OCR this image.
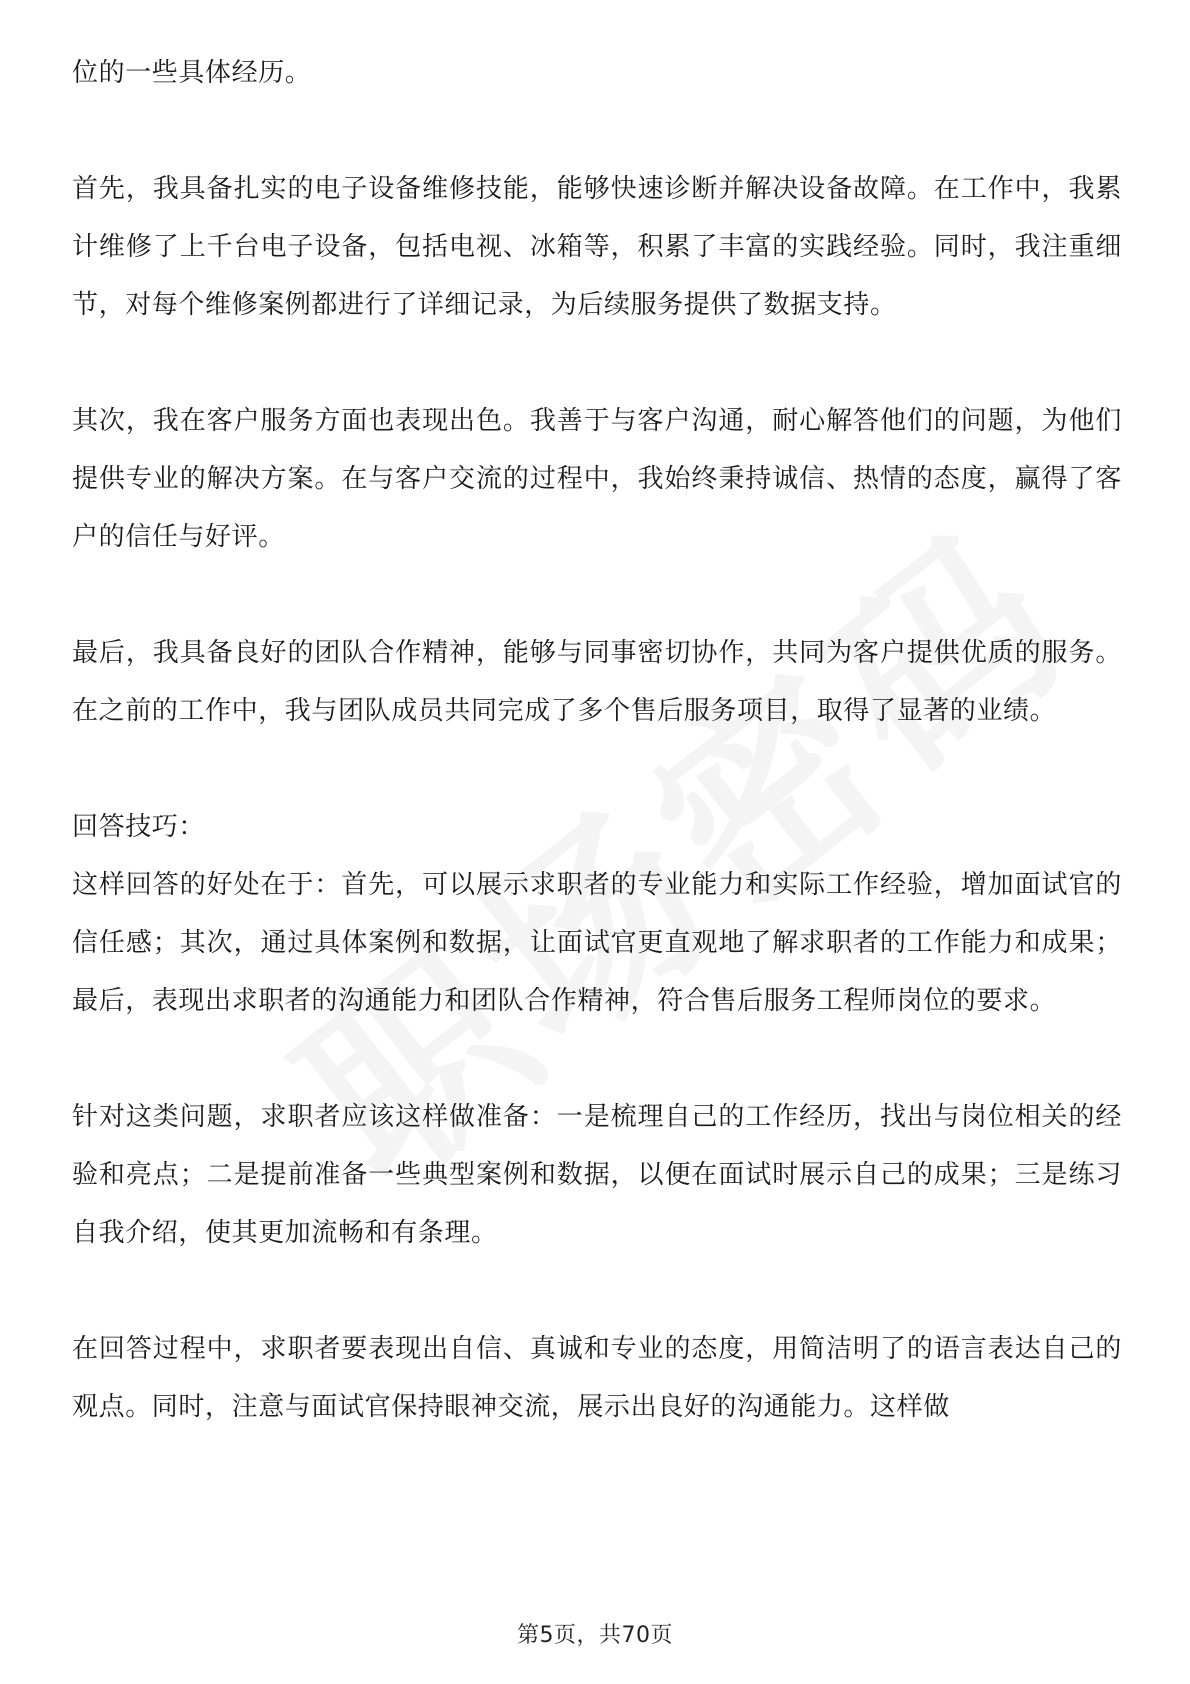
位的一些具体经历。

首先，我具备扎实的电子设备维修技能，能够快速诊断并解决设备故障。在工作中，我累计维修了上千台电子设备，包括电视、冰箱等，积累了丰富的实践经验。同时，我注重细节，对每个维修案例都进行了详细记录，为后续服务提供了数据支持。

其次，我在客户服务方面也表现出色。我善于与客户沟通，耐心解答他们的问题，为他们提供专业的解决方案。在与客户交流的过程中，我始终秉持诚信、热情的态度，赢得了客户的信任与好评。

最后，我具备良好的团队合作精神，能够与同事密切协作，共同为客户提供优质的服务。在之前的工作中，我与团队成员共同完成了多个售后服务项目，取得了显著的业绩。

回答技巧：

这样回答的好处在于：首先，可以展示求职者的专业能力和实际工作经验，增加面试官的信任感；其次，通过具体案例和数据，让面试官更直观地了解求职者的工作能力和成果；最后，表现出求职者的沟通能力和团队合作精神，符合售后服务工程师岗位的要求。

针对这类问题，求职者应该这样做准备：一是梳理自己的工作经历，找出与岗位相关的经验和亮点；二是提前准备一些典型案例和数据，以便在面试时展示自己的成果；三是练习自我介绍，使其更加流畅和有条理。

在回答过程中，求职者要表现出自信、真诚和专业的态度，用简洁明了的语言表达自己的观点。同时，注意与面试官保持眼神交流，展示出良好的沟通能力。这样做

第5页，共70页
